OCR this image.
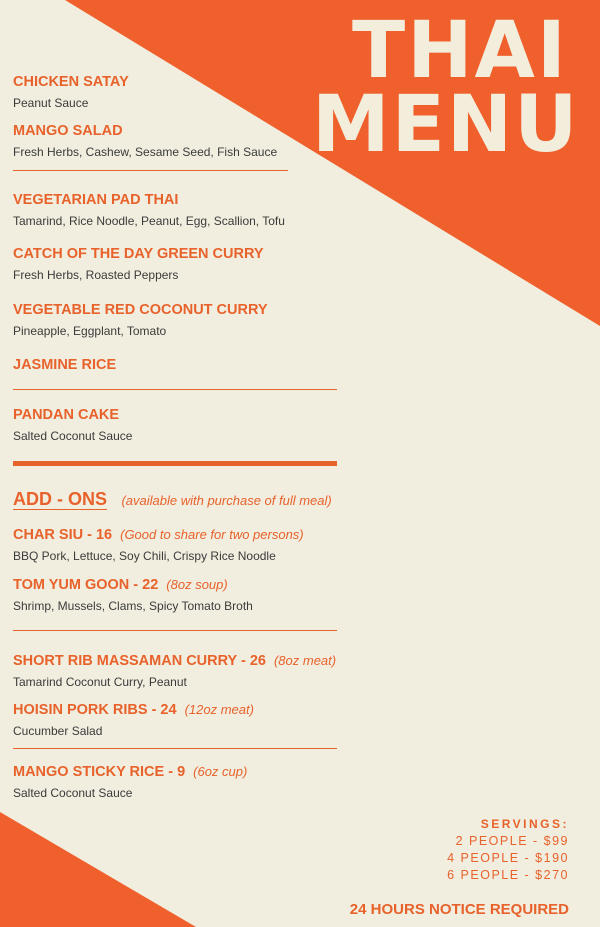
THAI
MENU
CHICKEN SATAY
Peanut Sauce
MANGO SALAD
Fresh Herbs, Cashew, Sesame Seed, Fish Sauce
VEGETARIAN PAD THAI
Tamarind, Rice Noodle, Peanut, Egg, Scallion, Tofu
CATCH OF THE DAY GREEN CURRY
Fresh Herbs, Roasted Peppers
VEGETABLE RED COCONUT CURRY
Pineapple, Eggplant, Tomato
JASMINE RICE
PANDAN CAKE
Salted Coconut Sauce
ADD - ONS (available with purchase of full meal)
CHAR SIU - 16 (Good to share for two persons)
BBQ Pork, Lettuce, Soy Chili, Crispy Rice Noodle
TOM YUM GOON - 22 (8oz soup)
Shrimp, Mussels, Clams, Spicy Tomato Broth
SHORT RIB MASSAMAN CURRY - 26 (8oz meat)
Tamarind Coconut Curry, Peanut
HOISIN PORK RIBS - 24 (12oz meat)
Cucumber Salad
MANGO STICKY RICE - 9 (6oz cup)
Salted Coconut Sauce
SERVINGS:
2 PEOPLE - $99
4 PEOPLE - $190
6 PEOPLE - $270
24 HOURS NOTICE REQUIRED
